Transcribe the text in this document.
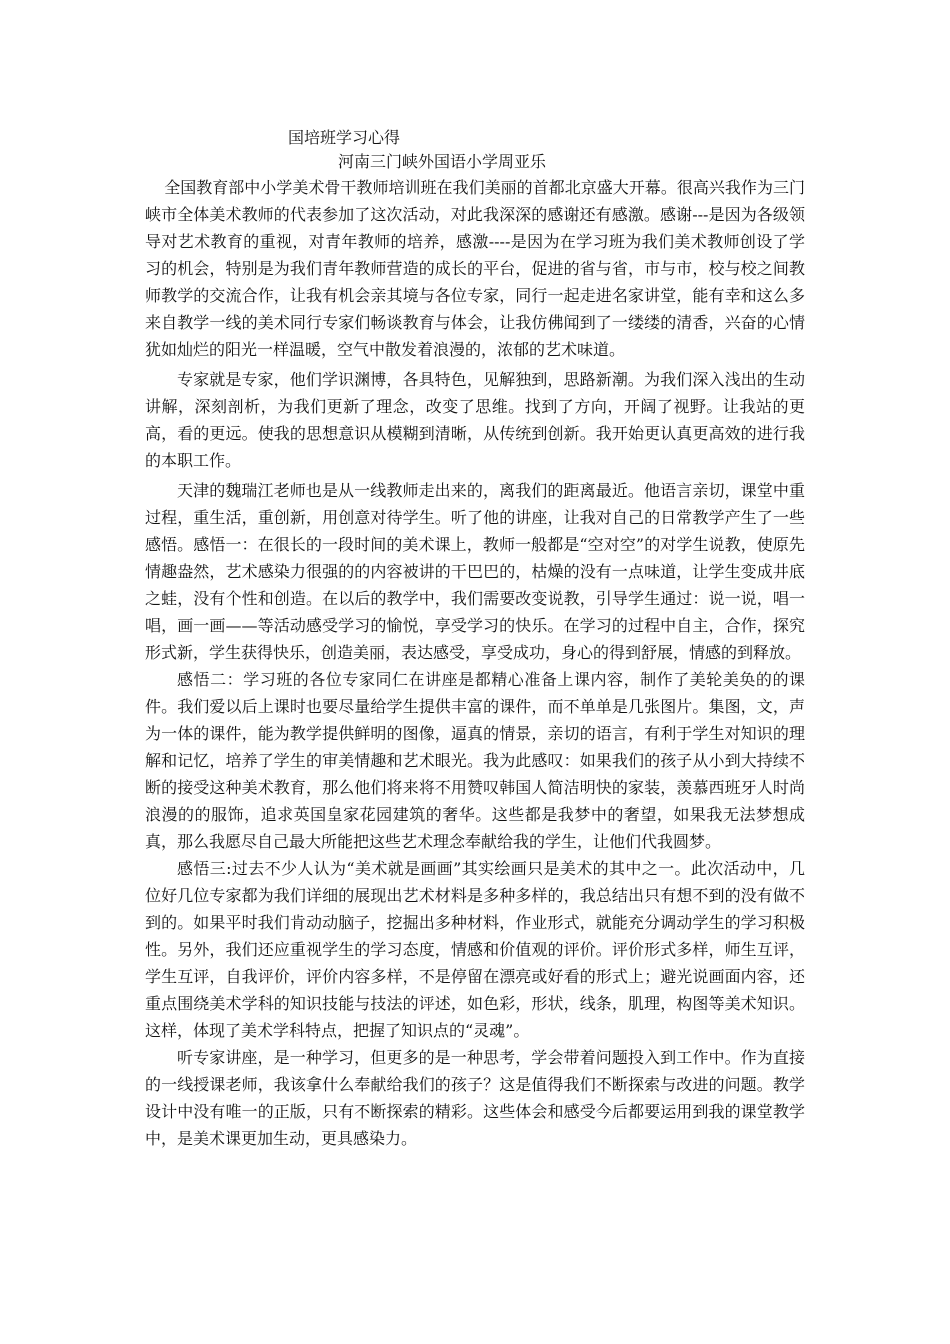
国培班学习心得
河南三门峡外国语小学周亚乐

全国教育部中小学美术骨干教师培训班在我们美丽的首都北京盛大开幕。很高兴我作为三门峡市全体美术教师的代表参加了这次活动，对此我深深的感谢还有感激。感谢---是因为各级领导对艺术教育的重视，对青年教师的培养，感激----是因为在学习班为我们美术教师创设了学习的机会，特别是为我们青年教师营造的成长的平台，促进的省与省，市与市，校与校之间教师教学的交流合作，让我有机会亲其境与各位专家，同行一起走进名家讲堂，能有幸和这么多来自教学一线的美术同行专家们畅谈教育与体会，让我仿佛闻到了一缕缕的清香，兴奋的心情犹如灿烂的阳光一样温暖，空气中散发着浪漫的，浓郁的艺术味道。

专家就是专家，他们学识渊博，各具特色，见解独到，思路新潮。为我们深入浅出的生动讲解，深刻剖析，为我们更新了理念，改变了思维。找到了方向，开阔了视野。让我站的更高，看的更远。使我的思想意识从模糊到清晰，从传统到创新。我开始更认真更高效的进行我的本职工作。

天津的魏瑞江老师也是从一线教师走出来的，离我们的距离最近。他语言亲切，课堂中重过程，重生活，重创新，用创意对待学生。听了他的讲座，让我对自己的日常教学产生了一些感悟。感悟一：在很长的一段时间的美术课上，教师一般都是“空对空”的对学生说教，使原先情趣盎然，艺术感染力很强的的内容被讲的干巴巴的，枯燥的没有一点味道，让学生变成井底之蛙，没有个性和创造。在以后的教学中，我们需要改变说教，引导学生通过：说一说，唱一唱，画一画——等活动感受学习的愉悦，享受学习的快乐。在学习的过程中自主，合作，探究形式新，学生获得快乐，创造美丽，表达感受，享受成功，身心的得到舒展，情感的到释放。

感悟二：学习班的各位专家同仁在讲座是都精心准备上课内容，制作了美轮美奂的的课件。我们爱以后上课时也要尽量给学生提供丰富的课件，而不单单是几张图片。集图，文，声为一体的课件，能为教学提供鲜明的图像，逼真的情景，亲切的语言，有利于学生对知识的理解和记忆，培养了学生的审美情趣和艺术眼光。我为此感叹：如果我们的孩子从小到大持续不断的接受这种美术教育，那么他们将来将不用赞叹韩国人简洁明快的家装，羡慕西班牙人时尚浪漫的的服饰，追求英国皇家花园建筑的奢华。这些都是我梦中的奢望，如果我无法梦想成真，那么我愿尽自己最大所能把这些艺术理念奉献给我的学生，让他们代我圆梦。

感悟三:过去不少人认为“美术就是画画”其实绘画只是美术的其中之一。此次活动中，几位好几位专家都为我们详细的展现出艺术材料是多种多样的，我总结出只有想不到的没有做不到的。如果平时我们肯动动脑子，挖掘出多种材料，作业形式，就能充分调动学生的学习积极性。另外，我们还应重视学生的学习态度，情感和价值观的评价。评价形式多样，师生互评，学生互评，自我评价，评价内容多样，不是停留在漂亮或好看的形式上；避光说画面内容，还重点围绕美术学科的知识技能与技法的评述，如色彩，形状，线条，肌理，构图等美术知识。这样，体现了美术学科特点，把握了知识点的“灵魂”。

听专家讲座，是一种学习，但更多的是一种思考，学会带着问题投入到工作中。作为直接的一线授课老师，我该拿什么奉献给我们的孩子？这是值得我们不断探索与改进的问题。教学设计中没有唯一的正版，只有不断探索的精彩。这些体会和感受今后都要运用到我的课堂教学中，是美术课更加生动，更具感染力。
